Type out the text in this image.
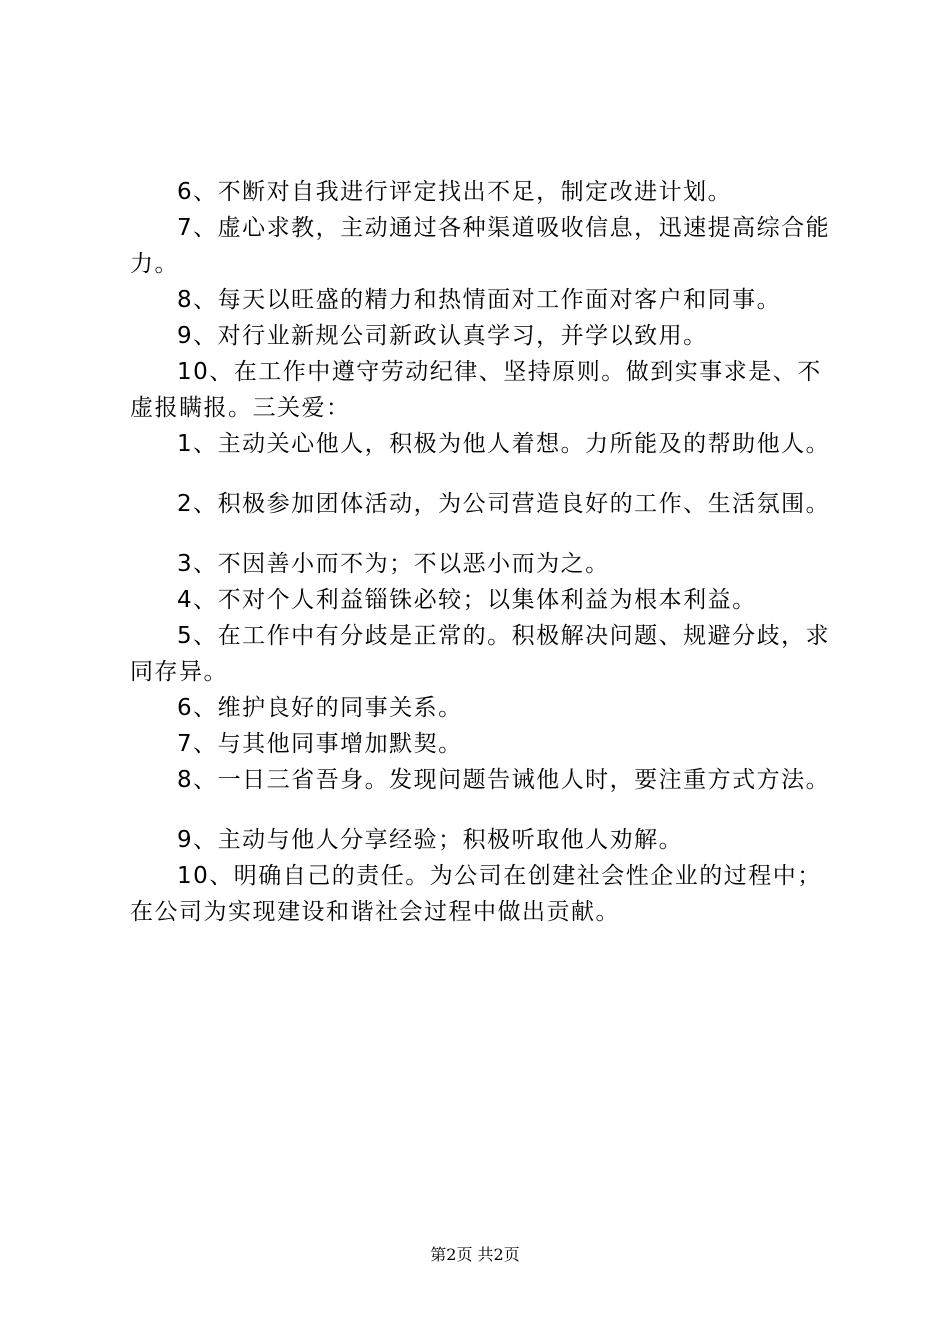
6、不断对自我进行评定找出不足，制定改进计划。

7、虚心求教，主动通过各种渠道吸收信息，迅速提高综合能力。

8、每天以旺盛的精力和热情面对工作面对客户和同事。

9、对行业新规公司新政认真学习，并学以致用。

10、在工作中遵守劳动纪律、坚持原则。做到实事求是、不虚报瞒报。三关爱：

1、主动关心他人，积极为他人着想。力所能及的帮助他人。

2、积极参加团体活动，为公司营造良好的工作、生活氛围。

3、不因善小而不为；不以恶小而为之。

4、不对个人利益锱铢必较；以集体利益为根本利益。

5、在工作中有分歧是正常的。积极解决问题、规避分歧，求同存异。

6、维护良好的同事关系。

7、与其他同事增加默契。

8、一日三省吾身。发现问题告诫他人时，要注重方式方法。

9、主动与他人分享经验；积极听取他人劝解。

10、明确自己的责任。为公司在创建社会性企业的过程中；在公司为实现建设和谐社会过程中做出贡献。

第2页 共2页
